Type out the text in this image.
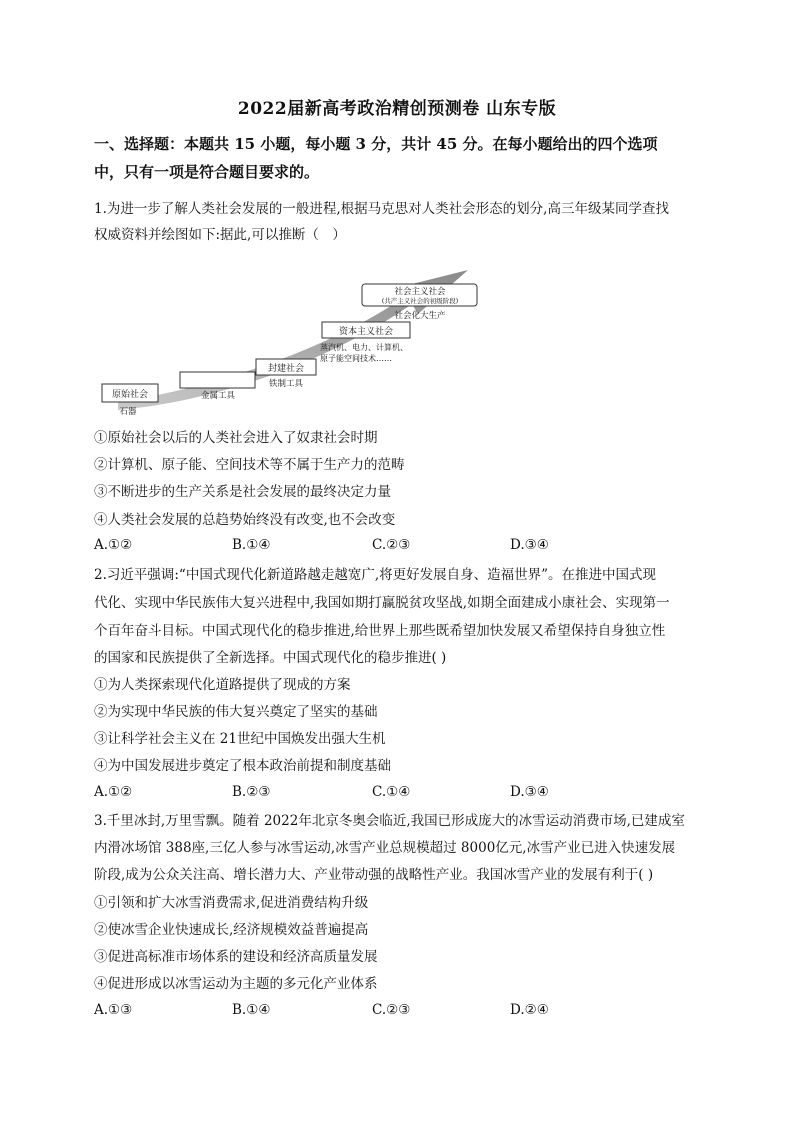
2022届新高考政治精创预测卷 山东专版
一、选择题：本题共 15 小题，每小题 3 分，共计 45 分。在每小题给出的四个选项
中，只有一项是符合题目要求的。
1.为进一步了解人类社会发展的一般进程,根据马克思对人类社会形态的划分,高三年级某同学查找
权威资料并绘图如下:据此,可以推断（　）
原始社会
石器
金属工具
封建社会
铁制工具
资本主义社会
蒸汽机、电力、计算机、
原子能空间技术……
社会主义社会
(共产主义社会的初级阶段)
社会化大生产
①原始社会以后的人类社会进入了奴隶社会时期
②计算机、原子能、空间技术等不属于生产力的范畴
③不断进步的生产关系是社会发展的最终决定力量
④人类社会发展的总趋势始终没有改变,也不会改变
A.①②	B.①④	C.②③	D.③④
2.习近平强调:“中国式现代化新道路越走越宽广,将更好发展自身、造福世界”。在推进中国式现
代化、实现中华民族伟大复兴进程中,我国如期打赢脱贫攻坚战,如期全面建成小康社会、实现第一
个百年奋斗目标。中国式现代化的稳步推进,给世界上那些既希望加快发展又希望保持自身独立性
的国家和民族提供了全新选择。中国式现代化的稳步推进( )
①为人类探索现代化道路提供了现成的方案
②为实现中华民族的伟大复兴奠定了坚实的基础
③让科学社会主义在 21世纪中国焕发出强大生机
④为中国发展进步奠定了根本政治前提和制度基础
A.①②	B.②③	C.①④	D.③④
3.千里冰封,万里雪飘。随着 2022年北京冬奥会临近,我国已形成庞大的冰雪运动消费市场,已建成室
内滑冰场馆 388座,三亿人参与冰雪运动,冰雪产业总规模超过 8000亿元,冰雪产业已进入快速发展
阶段,成为公众关注高、增长潜力大、产业带动强的战略性产业。我国冰雪产业的发展有利于( )
①引领和扩大冰雪消费需求,促进消费结构升级
②使冰雪企业快速成长,经济规模效益普遍提高
③促进高标准市场体系的建设和经济高质量发展
④促进形成以冰雪运动为主题的多元化产业体系
A.①③	B.①④	C.②③	D.②④
